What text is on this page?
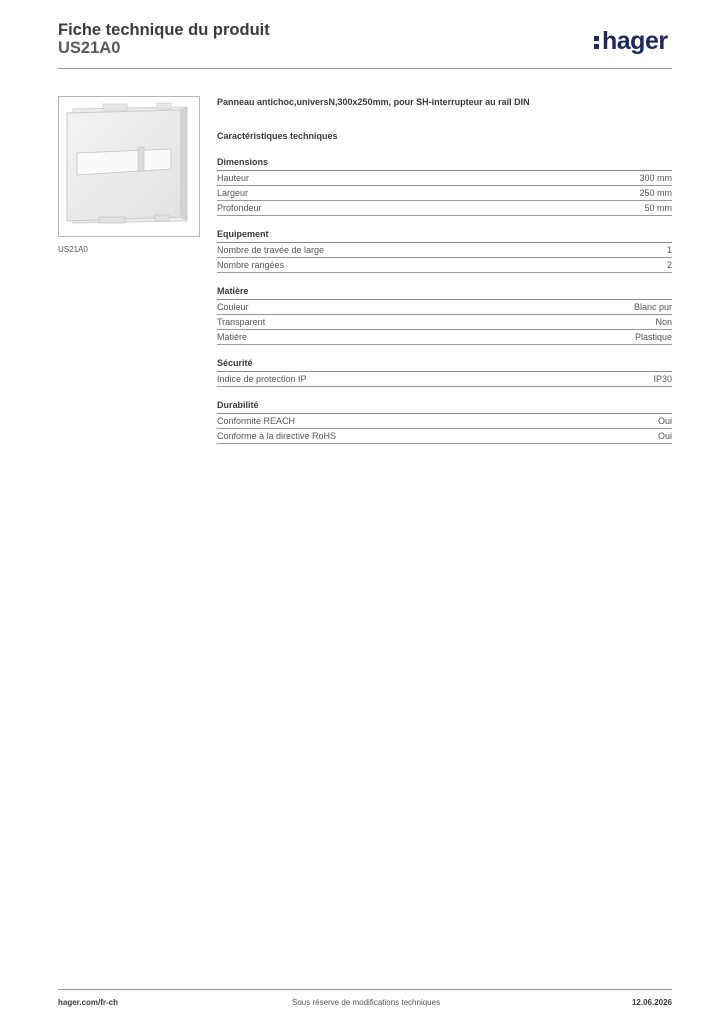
Fiche technique du produit
US21A0	hager
US21A0

Panneau antichoc,universN,300x250mm, pour SH-interrupteur au rail DIN

Caractéristiques techniques

Dimensions
Hauteur	300 mm
Largeur	250 mm
Profondeur	50 mm
Equipement
Nombre de travée de large	1
Nombre rangées	2
Matière
Couleur	Blanc pur
Transparent	Non
Matière	Plastique
Sécurité
Indice de protection IP	IP30
Durabilité
Conformité REACH	Oui
Conforme à la directive RoHS	Oui
hager.com/fr-ch	Sous réserve de modifications techniques	12.06.2026
